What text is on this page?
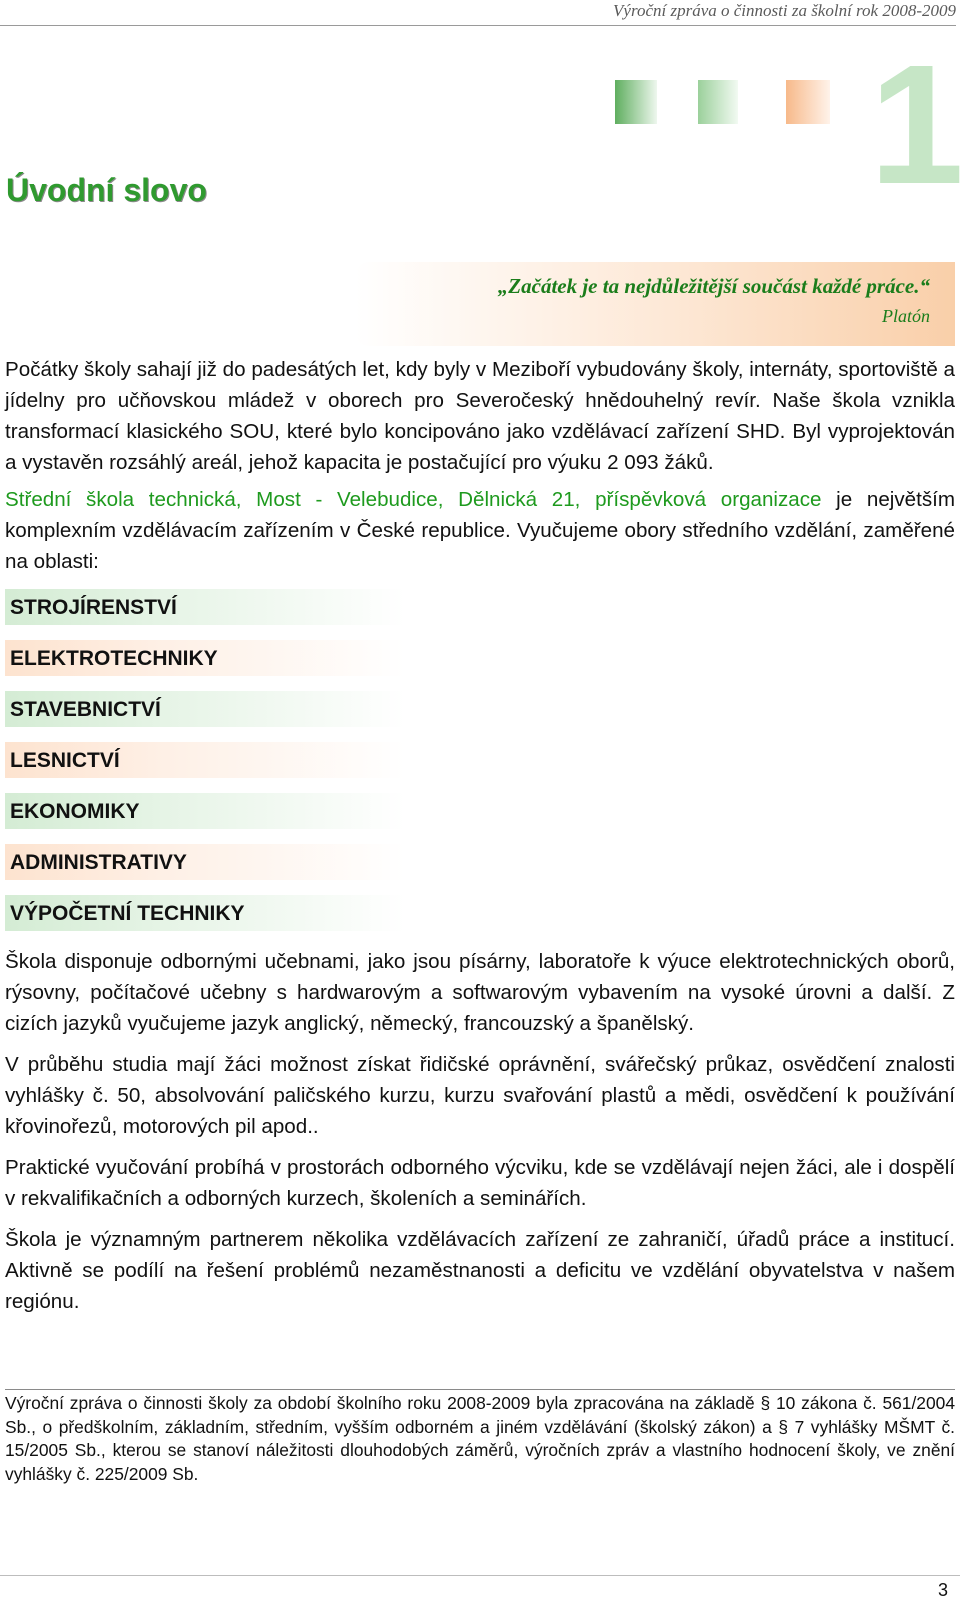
Výroční zpráva o činnosti za školní rok 2008-2009
1
Úvodní slovo
„Začátek je ta nejdůležitější součást každé práce.“
Platón

Počátky školy sahají již do padesátých let, kdy byly v Meziboří vybudovány školy, internáty, sportoviště a jídelny pro učňovskou mládež v oborech pro Severočeský hnědouhelný revír. Naše škola vznikla transformací klasického SOU, které bylo koncipováno jako vzdělávací zařízení SHD. Byl vyprojektován a vystavěn rozsáhlý areál, jehož kapacita je postačující pro výuku 2 093 žáků.

Střední škola technická, Most - Velebudice, Dělnická 21, příspěvková organizace je největším komplexním vzdělávacím zařízením v České republice. Vyučujeme obory středního vzdělání, zaměřené na oblasti:

STROJÍRENSTVÍ
ELEKTROTECHNIKY
STAVEBNICTVÍ
LESNICTVÍ
EKONOMIKY
ADMINISTRATIVY
VÝPOČETNÍ TECHNIKY

Škola disponuje odbornými učebnami, jako jsou písárny, laboratoře k výuce elektrotechnických oborů, rýsovny, počítačové učebny s hardwarovým a softwarovým vybavením na vysoké úrovni a další. Z cizích jazyků vyučujeme jazyk anglický, německý, francouzský a španělský.

V průběhu studia mají žáci možnost získat řidičské oprávnění, svářečský průkaz, osvědčení znalosti vyhlášky č. 50, absolvování paličského kurzu, kurzu svařování plastů a mědi, osvědčení k používání křovinořezů, motorových pil apod..

Praktické vyučování probíhá v prostorách odborného výcviku, kde se vzdělávají nejen žáci, ale i dospělí v rekvalifikačních a odborných kurzech, školeních a seminářích.

Škola je významným partnerem několika vzdělávacích zařízení ze zahraničí, úřadů práce a institucí. Aktivně se podílí na řešení problémů nezaměstnanosti a deficitu ve vzdělání obyvatelstva v našem regiónu.

Výroční zpráva o činnosti školy za období školního roku 2008-2009 byla zpracována na základě § 10 zákona č. 561/2004 Sb., o předškolním, základním, středním, vyšším odborném a jiném vzdělávání (školský zákon) a § 7 vyhlášky MŠMT č. 15/2005 Sb., kterou se stanoví náležitosti dlouhodobých záměrů, výročních zpráv a vlastního hodnocení školy, ve znění vyhlášky č. 225/2009 Sb.

3
